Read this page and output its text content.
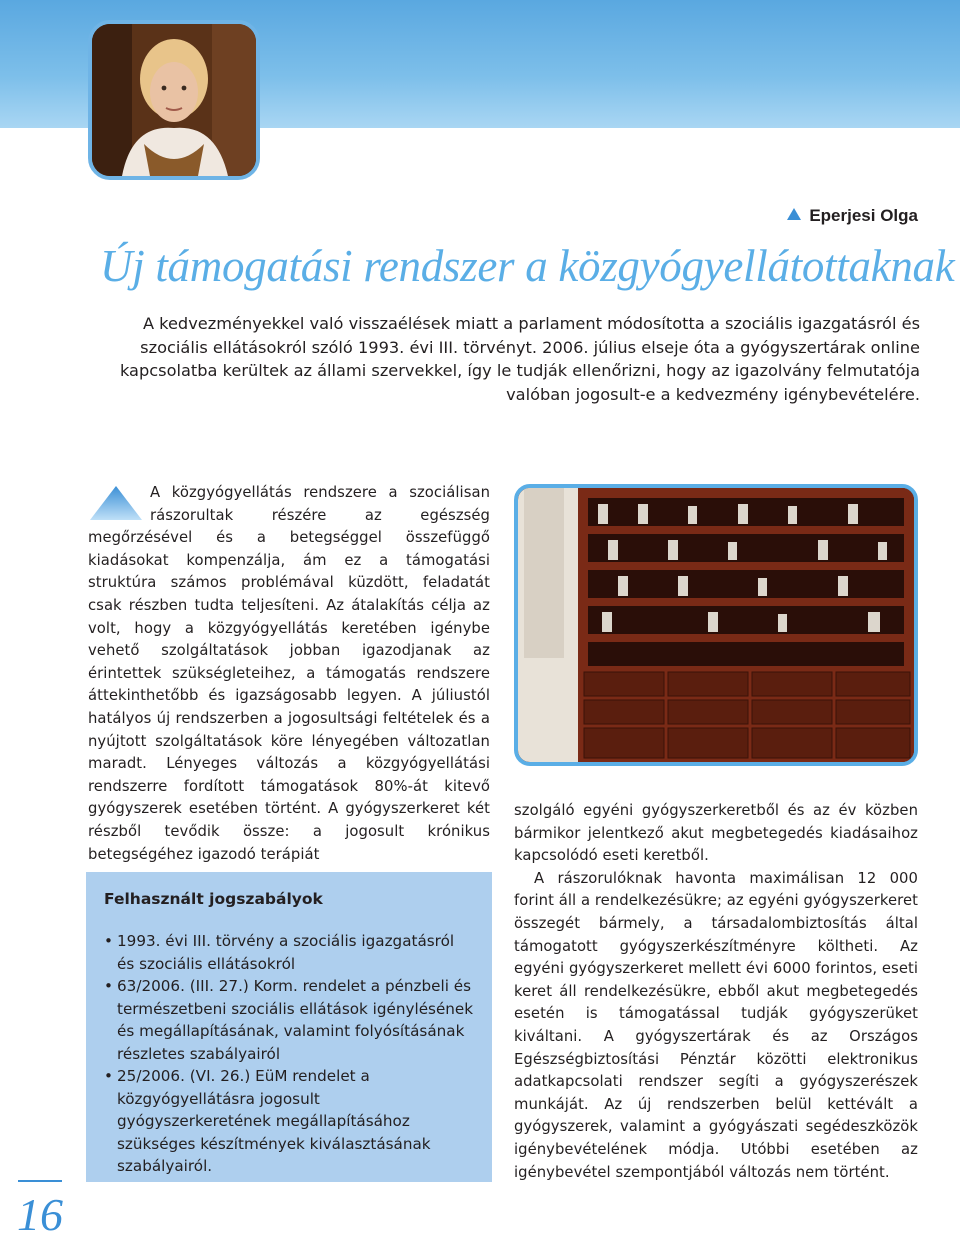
Eperjesi Olga
Új támogatási rendszer a közgyógyellátottaknak

A kedvezményekkel való visszaélések miatt a parlament módosította a szociális igazgatásról és szociális ellátásokról szóló 1993. évi III. törvényt. 2006. július elseje óta a gyógyszertárak online kapcsolatba kerültek az állami szervekkel, így le tudják ellenőrizni, hogy az igazolvány felmutatója valóban jogosult-e a kedvezmény igénybevételére.

A közgyógyellátás rendszere a szociálisan rászorultak részére az egészség megőrzésével és a betegséggel összefüggő kiadásokat kompenzálja, ám ez a támogatási struktúra számos problémával küzdött, feladatát csak részben tudta teljesíteni. Az átalakítás célja az volt, hogy a közgyógyellátás keretében igénybe vehető szolgáltatások jobban igazodjanak az érintettek szükségleteihez, a támogatás rendszere áttekinthetőbb és igazságosabb legyen. A júliustól hatályos új rendszerben a jogosultsági feltételek és a nyújtott szolgáltatások köre lényegében változatlan maradt. Lényeges változás a közgyógyellátási rendszerre fordított támogatások 80%-át kitevő gyógyszerek esetében történt. A gyógyszerkeret két részből tevődik össze: a jogosult krónikus betegségéhez igazodó terápiát

Felhasznált jogszabályok
• 1993. évi III. törvény a szociális igazgatásról és szociális ellátásokról
• 63/2006. (III. 27.) Korm. rendelet a pénzbeli és természetbeni szociális ellátások igénylésének és megállapításának, valamint folyósításának részletes szabályairól
• 25/2006. (VI. 26.) EüM rendelet a közgyógyellátásra jogosult gyógyszerkeretének megállapításához szükséges készítmények kiválasztásának szabályairól.
16

szolgáló egyéni gyógyszerkeretből és az év közben bármikor jelentkező akut megbetegedés kiadásaihoz kapcsolódó eseti keretből.

A rászorulóknak havonta maximálisan 12 000 forint áll a rendelkezésükre; az egyéni gyógyszerkeret összegét bármely, a társadalombiztosítás által támogatott gyógyszerkészítményre költheti. Az egyéni gyógyszerkeret mellett évi 6000 forintos, eseti keret áll rendelkezésükre, ebből akut megbetegedés esetén is támogatással tudják gyógyszerüket kiváltani. A gyógyszertárak és az Országos Egészségbiztosítási Pénztár közötti elektronikus adatkapcsolati rendszer segíti a gyógyszerészek munkáját. Az új rendszerben belül kettévált a gyógyszerek, valamint a gyógyászati segédeszközök igénybevételének módja. Utóbbi esetében az igénybevétel szempontjából változás nem történt.
